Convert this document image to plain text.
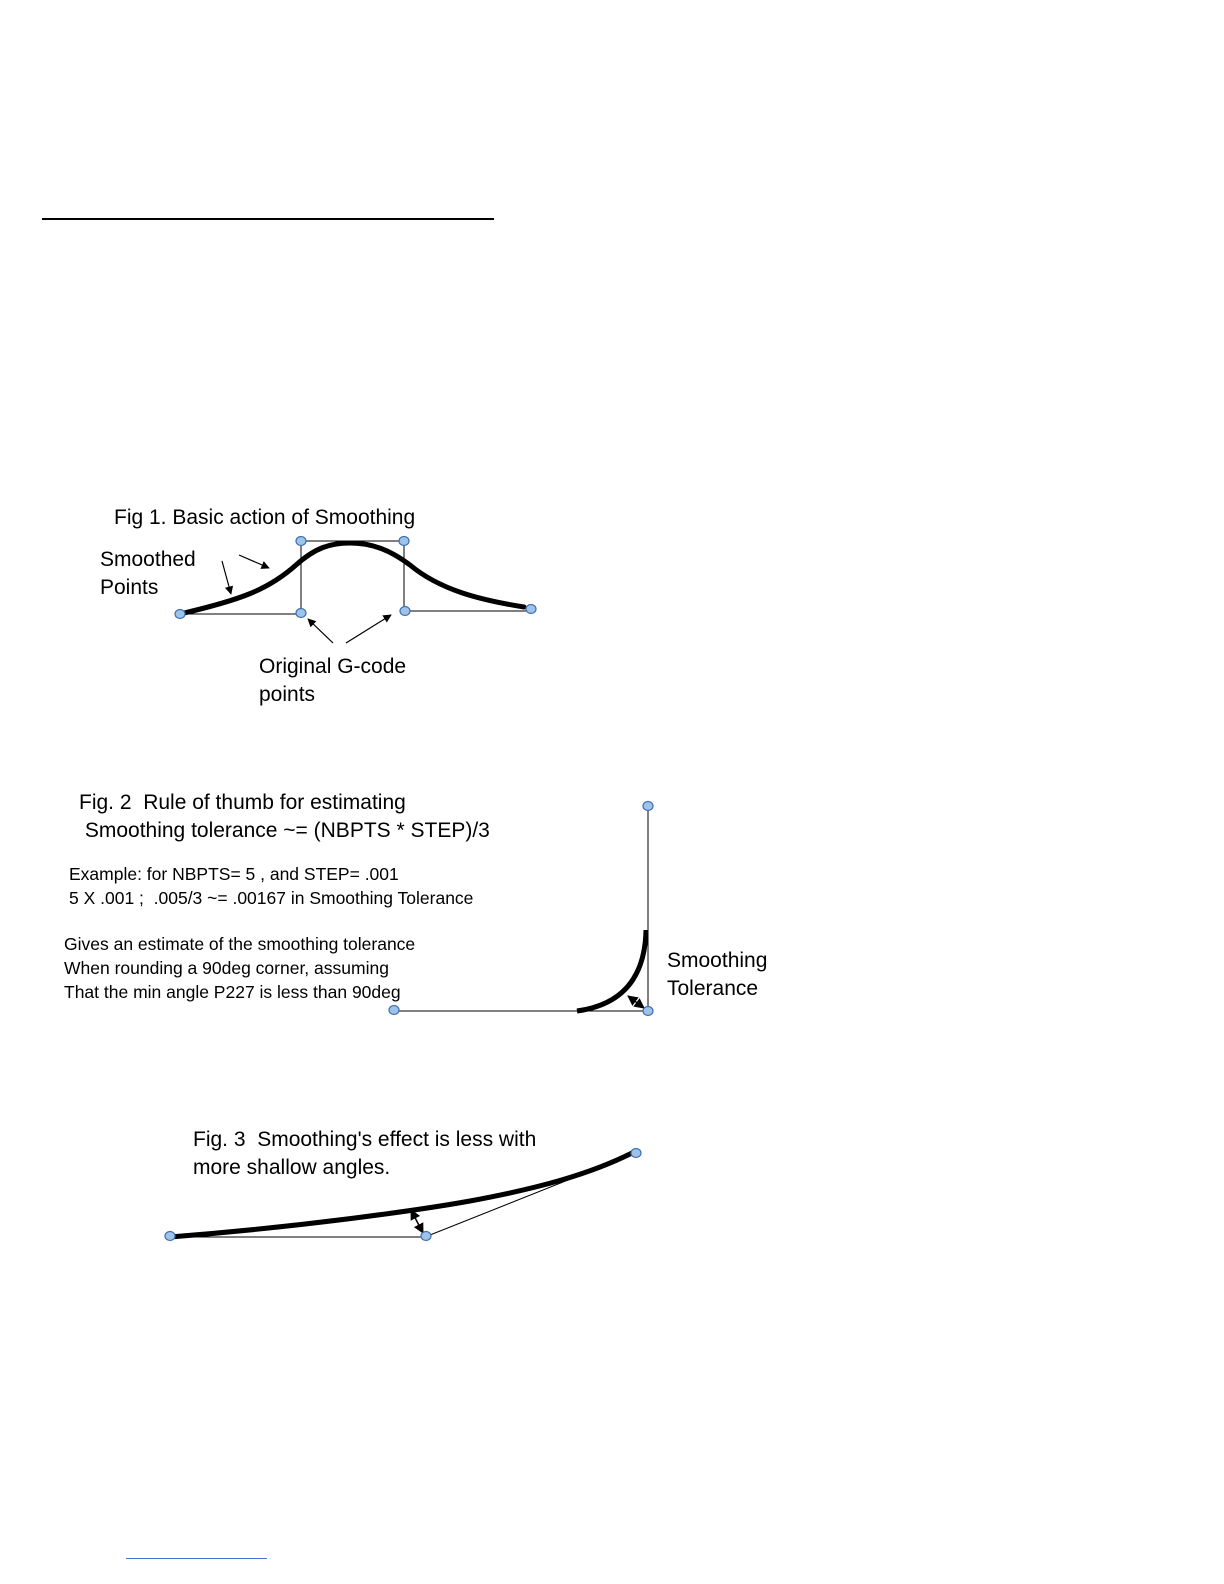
Fig 1. Basic action of Smoothing
Smoothed
Points
Original G-code
points
Fig. 2  Rule of thumb for estimating
Smoothing tolerance ~= (NBPTS * STEP)/3
Example: for NBPTS= 5 , and STEP= .001
5 X .001 ;  .005/3 ~= .00167 in Smoothing Tolerance
Gives an estimate of the smoothing tolerance
When rounding a 90deg corner, assuming
That the min angle P227 is less than 90deg
Smoothing
Tolerance
Fig. 3  Smoothing's effect is less with
more shallow angles.
